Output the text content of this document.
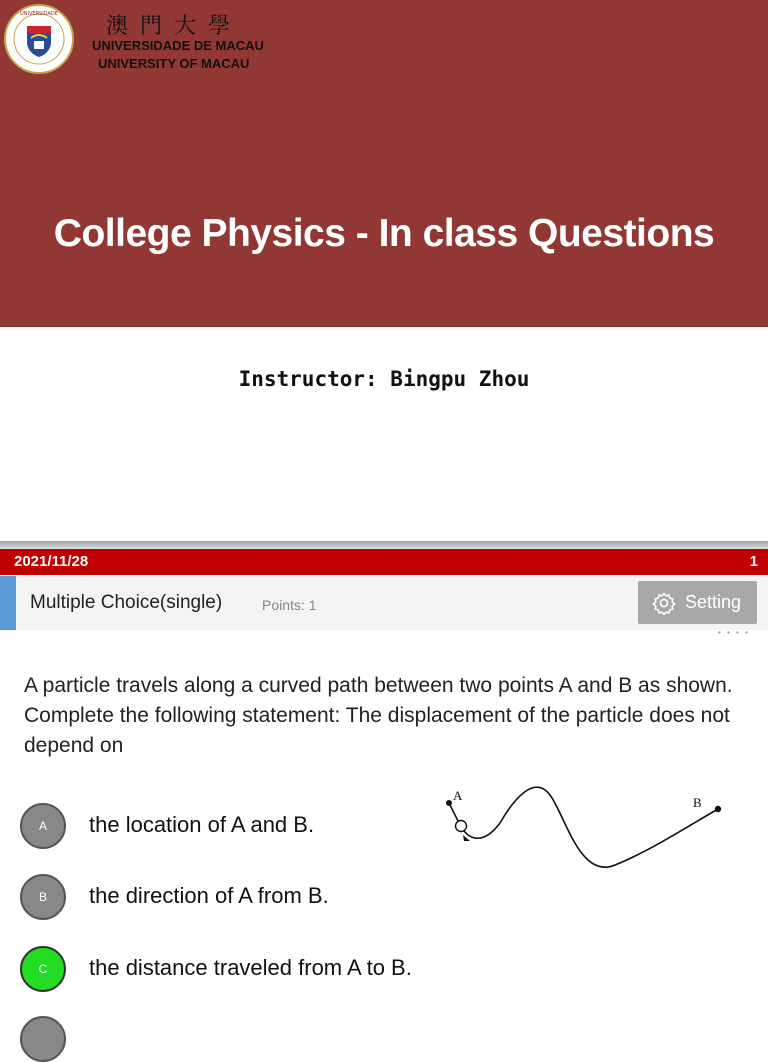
UNIVERSIDADE 澳門大學
UNIVERSIDADE DE MACAU
UNIVERSITY OF MACAU
College Physics - In class Questions
Instructor: Bingpu Zhou
2021/11/28	1
Multiple Choice(single)	Points: 1	Setting
• • • •
A particle travels along a curved path between two points A and B as shown. Complete the following statement: The displacement of the particle does not depend on
A	the location of A and B.
B	the direction of A from B.
C	the distance traveled from A to B.
A	B
